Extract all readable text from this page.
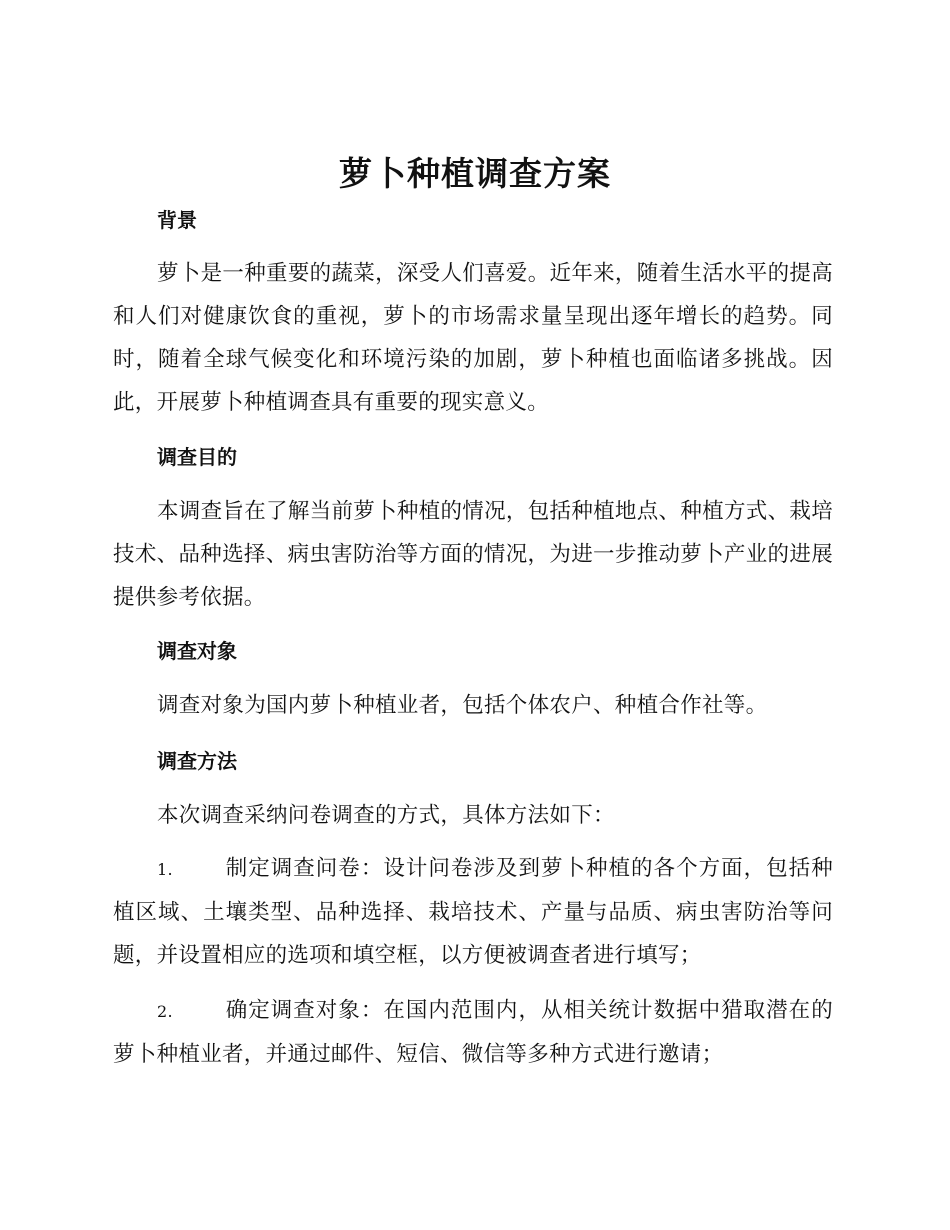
萝卜种植调查方案
背景

萝卜是一种重要的蔬菜，深受人们喜爱。近年来，随着生活水平的提高和人们对健康饮食的重视，萝卜的市场需求量呈现出逐年增长的趋势。同时，随着全球气候变化和环境污染的加剧，萝卜种植也面临诸多挑战。因此，开展萝卜种植调查具有重要的现实意义。

调查目的

本调查旨在了解当前萝卜种植的情况，包括种植地点、种植方式、栽培技术、品种选择、病虫害防治等方面的情况，为进一步推动萝卜产业的进展提供参考依据。

调查对象

调查对象为国内萝卜种植业者，包括个体农户、种植合作社等。

调查方法

本次调查采纳问卷调查的方式，具体方法如下：

1. 制定调查问卷：设计问卷涉及到萝卜种植的各个方面，包括种植区域、土壤类型、品种选择、栽培技术、产量与品质、病虫害防治等问题，并设置相应的选项和填空框，以方便被调查者进行填写；
2. 确定调查对象：在国内范围内，从相关统计数据中猎取潜在的萝卜种植业者，并通过邮件、短信、微信等多种方式进行邀请；
